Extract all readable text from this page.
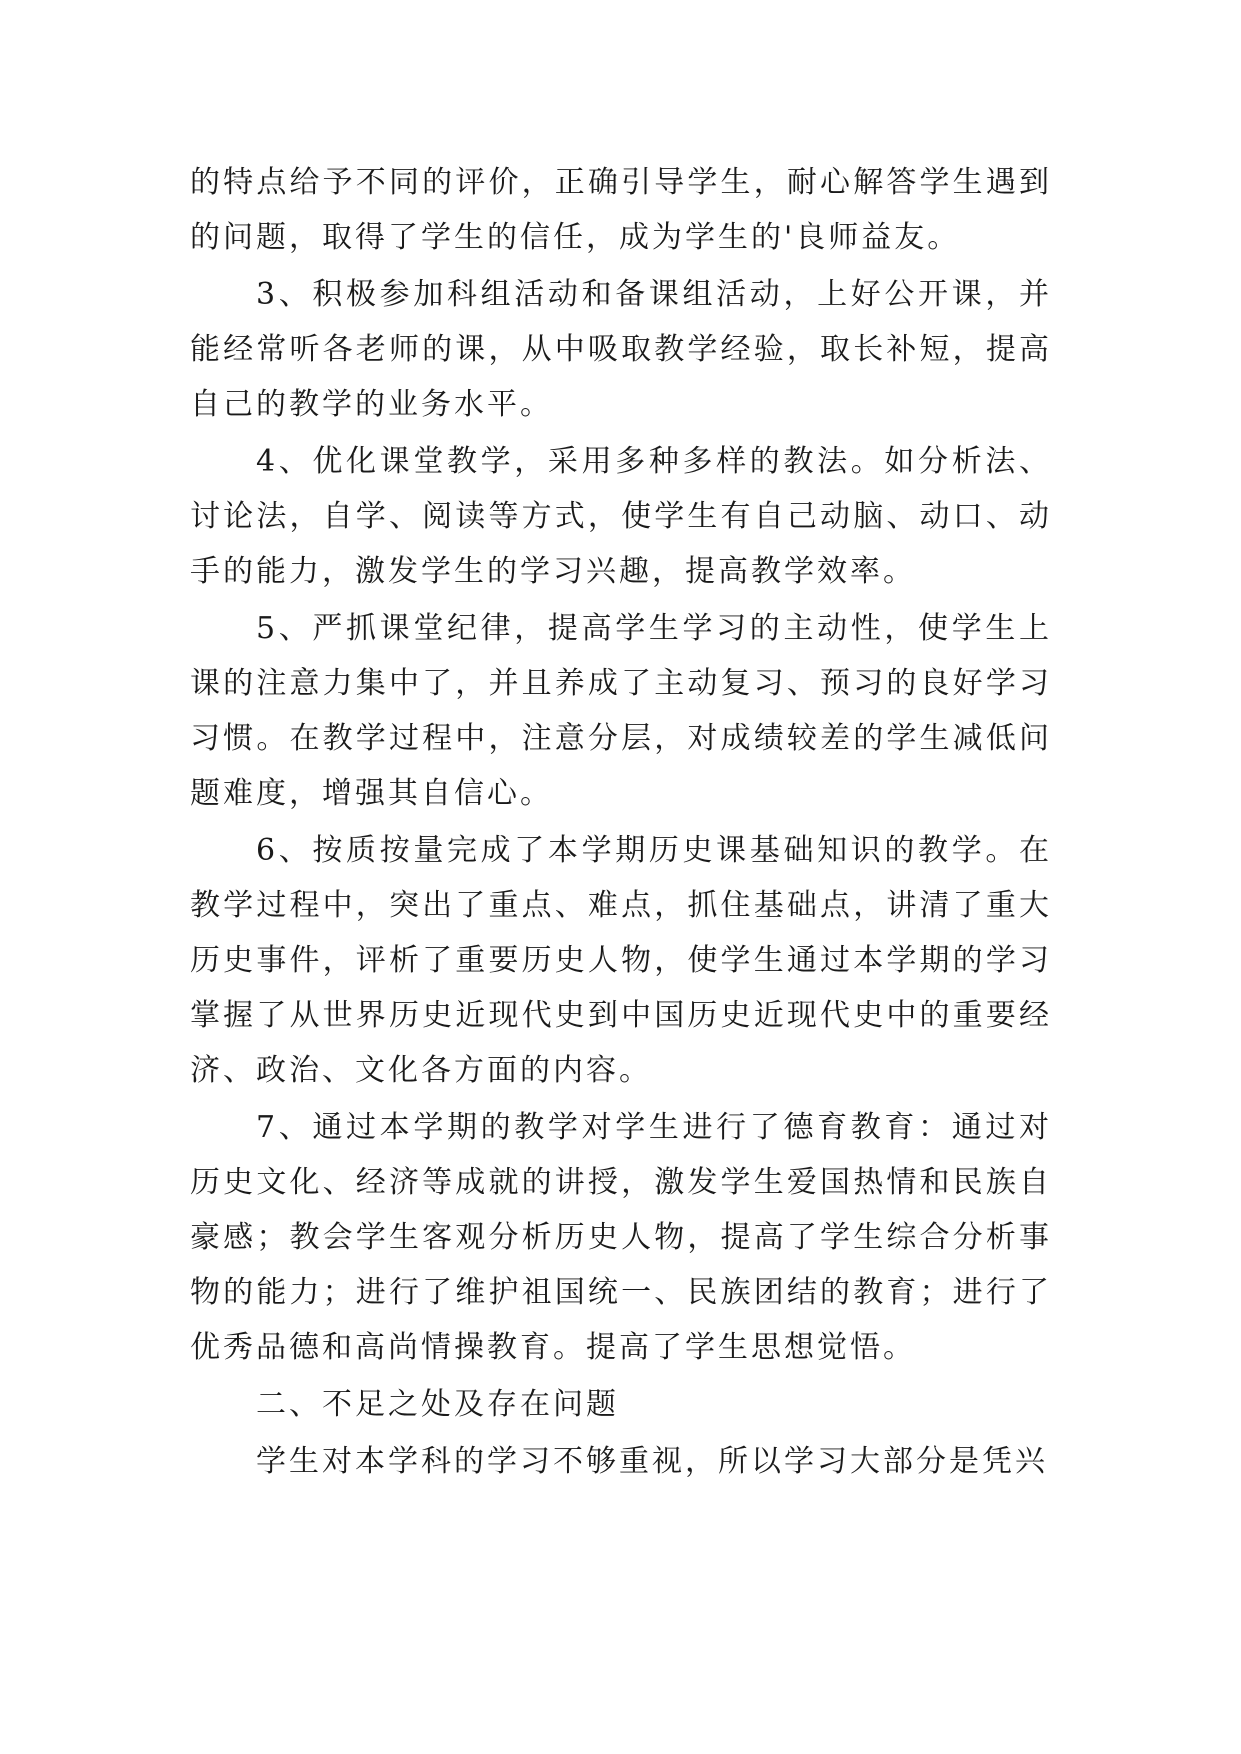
的特点给予不同的评价，正确引导学生，耐心解答学生遇到的问题，取得了学生的信任，成为学生的'良师益友。

3、积极参加科组活动和备课组活动，上好公开课，并能经常听各老师的课，从中吸取教学经验，取长补短，提高自己的教学的业务水平。

4、优化课堂教学，采用多种多样的教法。如分析法、讨论法，自学、阅读等方式，使学生有自己动脑、动口、动手的能力，激发学生的学习兴趣，提高教学效率。

5、严抓课堂纪律，提高学生学习的主动性，使学生上课的注意力集中了，并且养成了主动复习、预习的良好学习习惯。在教学过程中，注意分层，对成绩较差的学生减低问题难度，增强其自信心。

6、按质按量完成了本学期历史课基础知识的教学。在教学过程中，突出了重点、难点，抓住基础点，讲清了重大历史事件，评析了重要历史人物，使学生通过本学期的学习掌握了从世界历史近现代史到中国历史近现代史中的重要经济、政治、文化各方面的内容。

7、通过本学期的教学对学生进行了德育教育：通过对历史文化、经济等成就的讲授，激发学生爱国热情和民族自豪感；教会学生客观分析历史人物，提高了学生综合分析事物的能力；进行了维护祖国统一、民族团结的教育；进行了优秀品德和高尚情操教育。提高了学生思想觉悟。

二、不足之处及存在问题

学生对本学科的学习不够重视，所以学习大部分是凭兴
